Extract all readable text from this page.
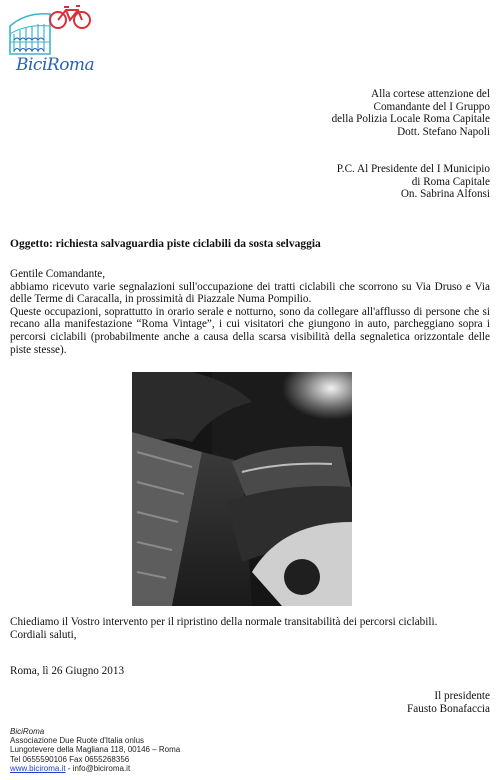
BiciRoma

Alla cortese attenzione del

Comandante del I Gruppo

della Polizia Locale Roma Capitale

Dott. Stefano Napoli

P.C. Al Presidente del I Municipio

di Roma Capitale

On. Sabrina Alfonsi

Oggetto: richiesta salvaguardia piste ciclabili da sosta selvaggia

Gentile Comandante,

abbiamo ricevuto varie segnalazioni sull'occupazione dei tratti ciclabili che scorrono su Via Druso e Via delle Terme di Caracalla, in prossimità di Piazzale Numa Pompilio.

Queste occupazioni, soprattutto in orario serale e notturno, sono da collegare all'afflusso di persone che si recano alla manifestazione “Roma Vintage”, i cui visitatori che giungono in auto, parcheggiano sopra i percorsi ciclabili (probabilmente anche a causa della scarsa visibilità della segnaletica orizzontale delle piste stesse).

Chiediamo il Vostro intervento per il ripristino della normale transitabilità dei percorsi ciclabili.

Cordiali saluti,

Roma, lì 26 Giugno 2013

Il presidente

Fausto Bonafaccia

BiciRoma

Associazione Due Ruote d'Italia onlus

Lungotevere della Magliana 118, 00146 – Roma

Tel 0655590106 Fax 0655268356

www.biciroma.it - info@biciroma.it
